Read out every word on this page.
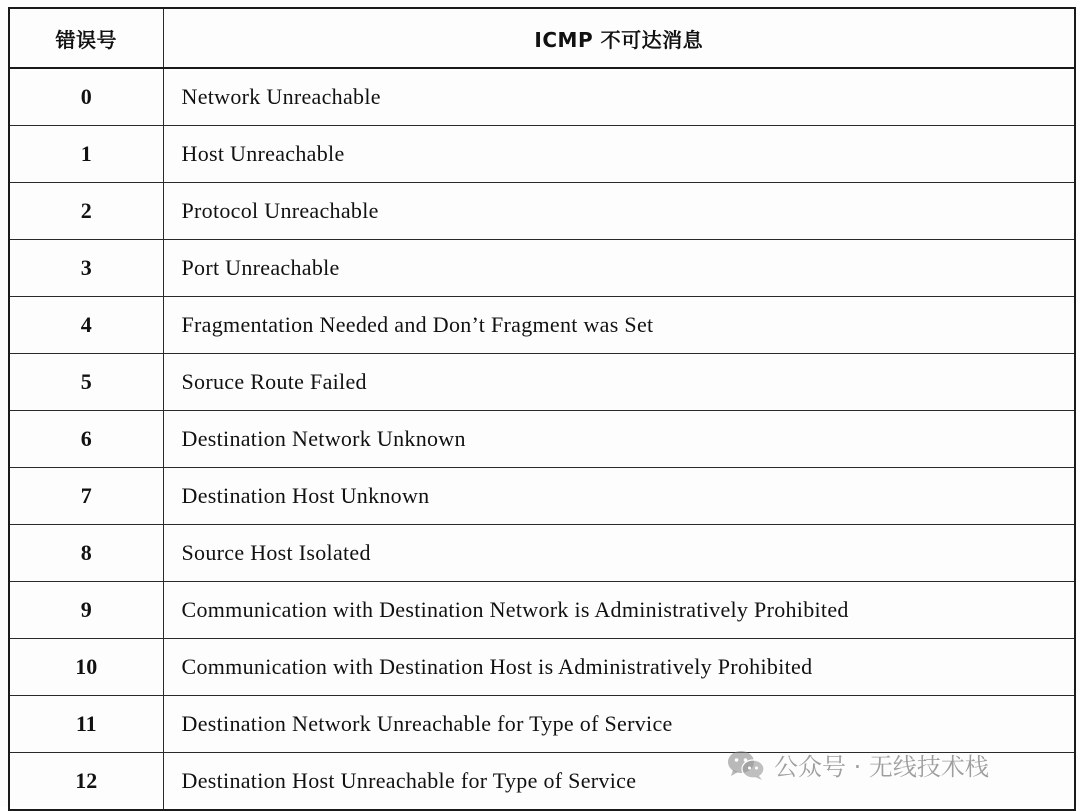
错误号	ICMP 不可达消息
0	Network Unreachable
1	Host Unreachable
2	Protocol Unreachable
3	Port Unreachable
4	Fragmentation Needed and Don’t Fragment was Set
5	Soruce Route Failed
6	Destination Network Unknown
7	Destination Host Unknown
8	Source Host Isolated
9	Communication with Destination Network is Administratively Prohibited
10	Communication with Destination Host is Administratively Prohibited
11	Destination Network Unreachable for Type of Service
12	Destination Host Unreachable for Type of Service	公众号 · 无线技术栈
